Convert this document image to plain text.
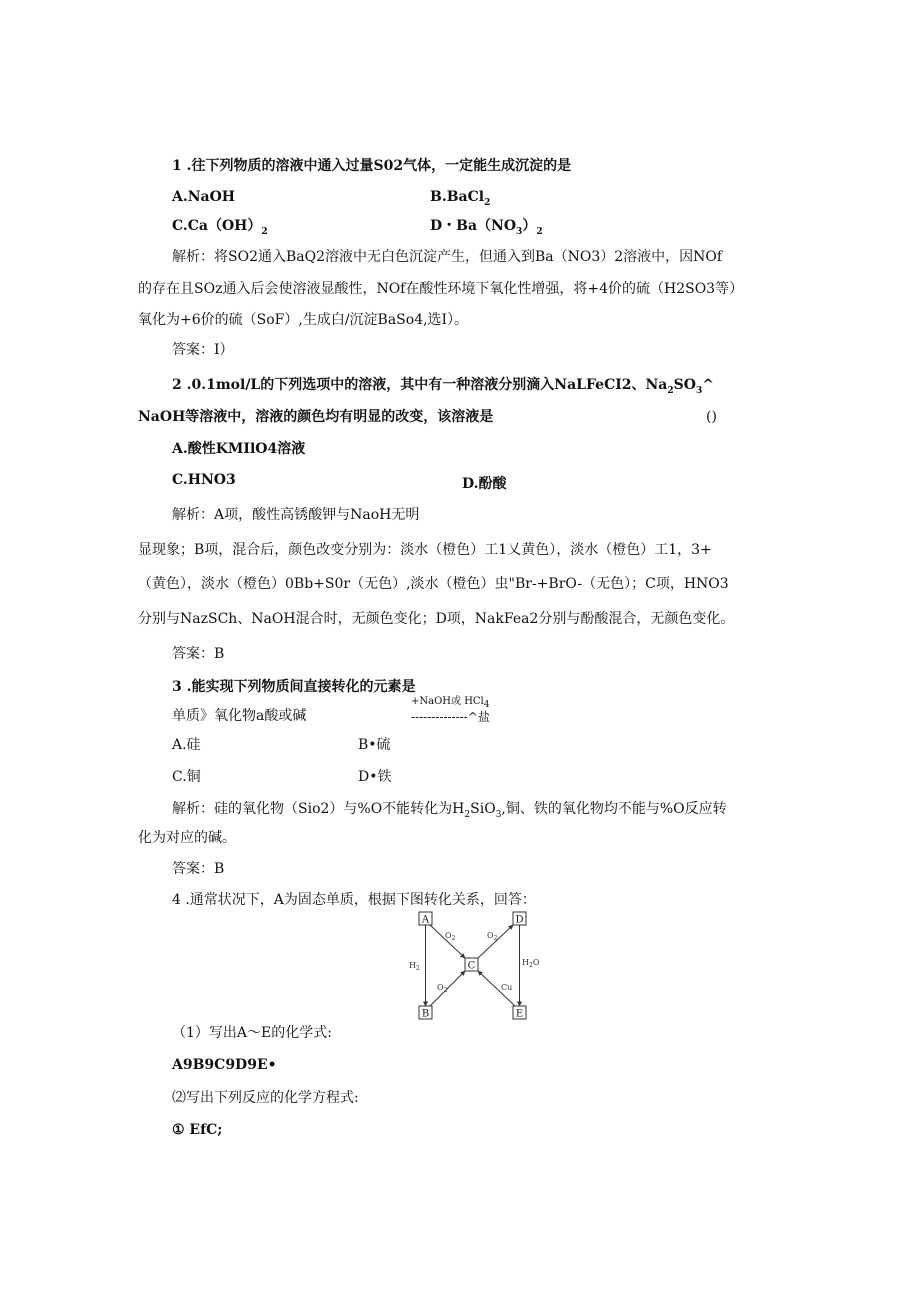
1 .往下列物质的溶液中通入过量S02气体，一定能生成沉淀的是
A.NaOH	B.BaCl$_2$
$C.Ca(OH)_2$	D・$Ba(NO_3)_2$
解析：将SO2通入BaQ2溶液中无白色沉淀产生，但通入到Ba（NO3）2溶液中，因NOf
的存在且SOz通入后会使溶液显酸性，NOf在酸性环境下氧化性增强，将+4价的硫（H2SO3等）
氧化为+6价的硫（SoF）,生成白/沉淀BaSo4,选I）。
答案：I）
2 .0.1mol/L的下列选项中的溶液，其中有一种溶液分别滴入NaLFeCI2、$Na_2SO_3\^{}$
NaOH等溶液中，溶液的颜色均有明显的改变，该溶液是	()
A.酸性KMIlO4溶液
C.HNO3	D.酚酸
解析：A项，酸性高锈酸钾与NaoH无明
显现象；B项，混合后，颜色改变分别为：淡水（橙色）工1乂黄色），淡水（橙色）工1，3+
（黄色），淡水（橙色）0Bb+S0r（无色）,淡水（橙色）虫"Br-+BrO-（无色）；C项，HNO3
分别与NazSCh、NaOH混合时，无颜色变化；D项，NakFea2分别与酚酸混合，无颜色变化。
答案：B
3 .能实现下列物质间直接转化的元素是
单质》氧化物a酸或碱
+NaOH或 HCl$_4$
--------------^盐
A.硅	B•硫
C.铜	D•铁
解析：硅的氧化物（Sio2）与%O不能转化为$H_2SiO_3$,铜、铁的氧化物均不能与%O反应转
化为对应的碱。
答案：B
4 .通常状况下，A为固态单质，根据下图转化关系，回答：
A
B
C
D
E
$O_2$	$O_2$
$H_2$
$O_2$
$H_2O$
Cu
（1）写出A～E的化学式:
A9B9C9D9E•
⑵写出下列反应的化学方程式:
① EfC;
